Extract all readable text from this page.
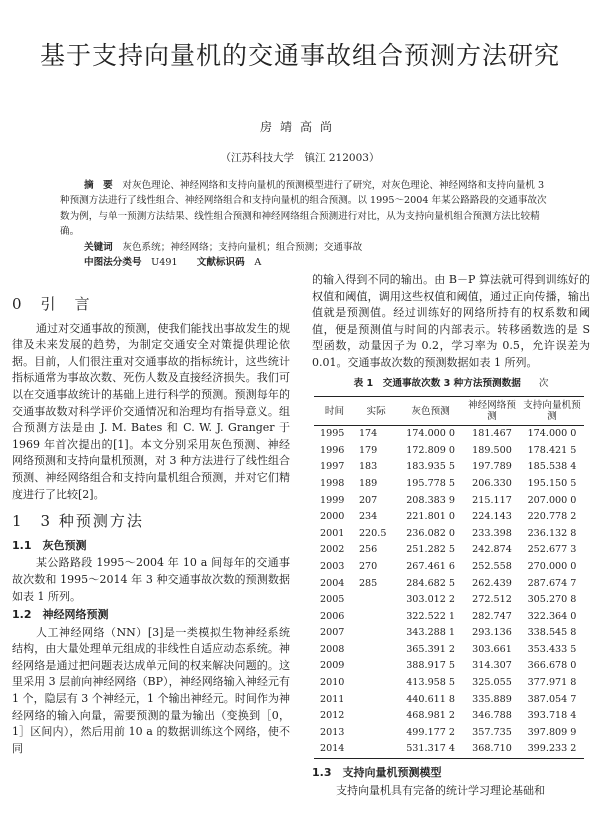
基于支持向量机的交通事故组合预测方法研究
房靖高尚
（江苏科技大学　镇江 212003）

摘　要　 对灰色理论、神经网络和支持向量机的预测模型进行了研究，对灰色理论、神经网络和支持向量机 3 种预测方法进行了线性组合、神经网络组合和支持向量机的组合预测。以 1995～2004 年某公路路段的交通事故次数为例，与单一预测方法结果、线性组合预测和神经网络组合预测进行对比，从为支持向量机组合预测方法比较精确。

关键词　 灰色系统；神经网络；支持向量机；组合预测；交通事故

中图法分类号　 U491　　 文献标识码　 A

0　引　言

通过对交通事故的预测，使我们能找出事故发生的规律及未来发展的趋势，为制定交通安全对策提供理论依据。目前，人们很注重对交通事故的指标统计，这些统计指标通常为事故次数、死伤人数及直接经济损失。我们可以在交通事故统计的基础上进行科学的预测。预测每年的交通事故数对科学评价交通情况和治理均有指导意义。组合预测方法是由 J. M. Bates 和 C. W. J. Granger 于 1969 年首次提出的[1]。本文分别采用灰色预测、神经网络预测和支持向量机预测，对 3 种方法进行了线性组合预测、神经网络组合和支持向量机组合预测，并对它们精度进行了比较[2]。

1　3 种预测方法
1.1　灰色预测

某公路路段 1995～2004 年 10 a 间每年的交通事故次数和 1995～2014 年 3 种交通事故次数的预测数据如表 1 所列。

1.2　神经网络预测

人工神经网络（NN）[3]是一类模拟生物神经系统结构，由大量处理单元组成的非线性自适应动态系统。神经网络是通过把问题表达成单元间的权来解决问题的。这里采用 3 层前向神经网络（BP），神经网络输入神经元有 1 个，隐层有 3 个神经元，1 个输出神经元。时间作为神经网络的输入向量，需要预测的量为输出（变换到［0，1］区间内），然后用前 10 a 的数据训练这个网络，使不同

的输入得到不同的输出。由 B－P 算法就可得到训练好的权值和阈值，调用这些权值和阈值，通过正向传播，输出值就是预测值。经过训练好的网络所持有的权系数和阈值，便是预测值与时间的内部表示。转移函数选的是 S 型函数，动量因子为 0.2，学习率为 0.5，允许误差为 0.01。交通事故次数的预测数据如表 1 所列。

表 1　交通事故次数 3 种方法预测数据 次
时间	实际	灰色预测	神经网络预测	支持向量机预测
1995	174	174.000 0	181.467	174.000 0
1996	179	172.809 0	189.500	178.421 5
1997	183	183.935 5	197.789	185.538 4
1998	189	195.778 5	206.330	195.150 5
1999	207	208.383 9	215.117	207.000 0
2000	234	221.801 0	224.143	220.778 2
2001	220.5	236.082 0	233.398	236.132 8
2002	256	251.282 5	242.874	252.677 3
2003	270	267.461 6	252.558	270.000 0
2004	285	284.682 5	262.439	287.674 7
2005		303.012 2	272.512	305.270 8
2006		322.522 1	282.747	322.364 0
2007		343.288 1	293.136	338.545 8
2008		365.391 2	303.661	353.433 5
2009		388.917 5	314.307	366.678 0
2010		413.958 5	325.055	377.971 8
2011		440.611 8	335.889	387.054 7
2012		468.981 2	346.788	393.718 4
2013		499.177 2	357.735	397.809 9
2014		531.317 4	368.710	399.233 2
1.3　支持向量机预测模型

支持向量机具有完备的统计学习理论基础和
